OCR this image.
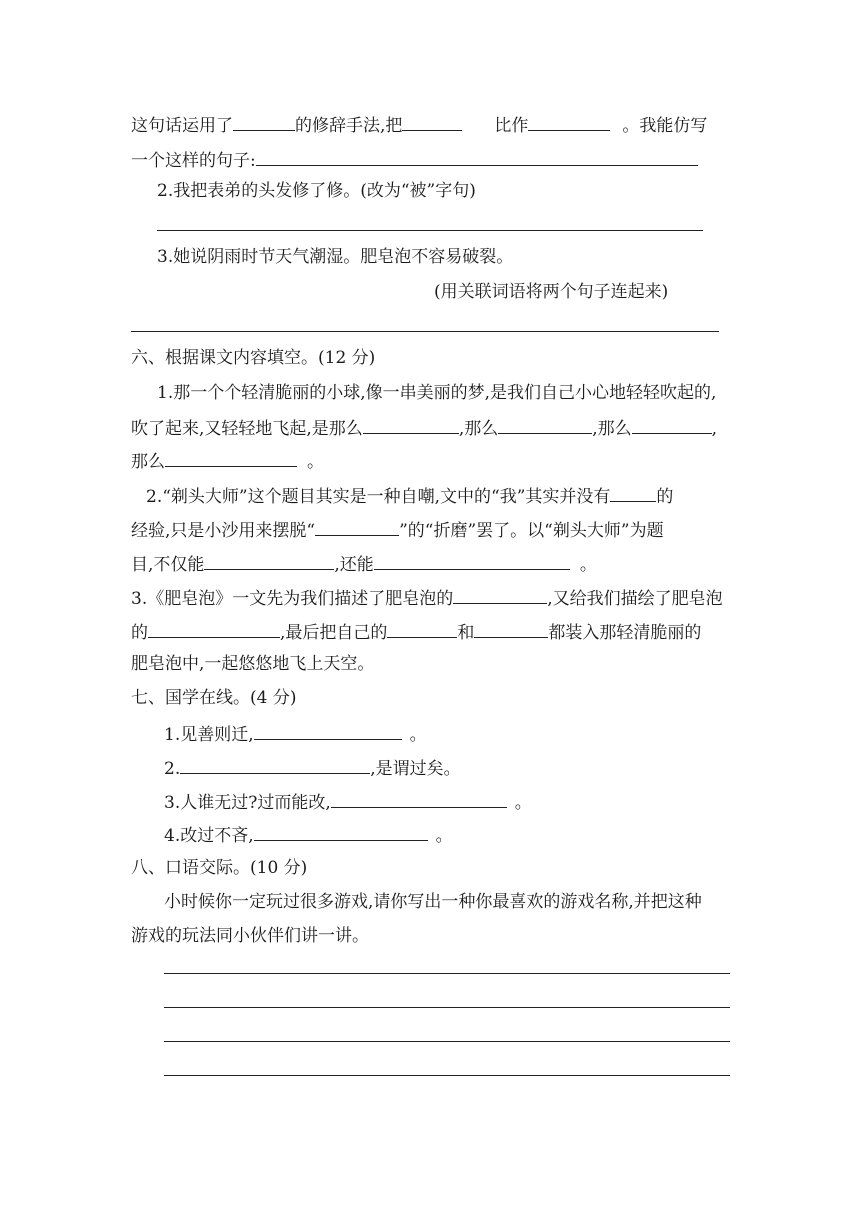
这句话运用了	的修辞手法,把	比作	。我能仿写
一个这样的句子:
2.我把表弟的头发修了修。(改为“被”字句)
3.她说阴雨时节天气潮湿。肥皂泡不容易破裂。
(用关联词语将两个句子连起来)
六、根据课文内容填空。(12 分)
1.那一个个轻清脆丽的小球,像一串美丽的梦,是我们自己小心地轻轻吹起的,
吹了起来,又轻轻地飞起,是那么	,那么	,那么	,
那么	。
2.“剃头大师”这个题目其实是一种自嘲,文中的“我”其实并没有	的
经验,只是小沙用来摆脱“	”的“折磨”罢了。以“剃头大师”为题
目,不仅能	,还能	。
3.《肥皂泡》一文先为我们描述了肥皂泡的	,又给我们描绘了肥皂泡
的	,最后把自己的	和	都装入那轻清脆丽的
肥皂泡中,一起悠悠地飞上天空。
七、国学在线。(4 分)
1.见善则迁,	。
2.	,是谓过矣。
3.人谁无过?过而能改,	。
4.改过不吝,	。
八、口语交际。(10 分)
小时候你一定玩过很多游戏,请你写出一种你最喜欢的游戏名称,并把这种
游戏的玩法同小伙伴们讲一讲。
